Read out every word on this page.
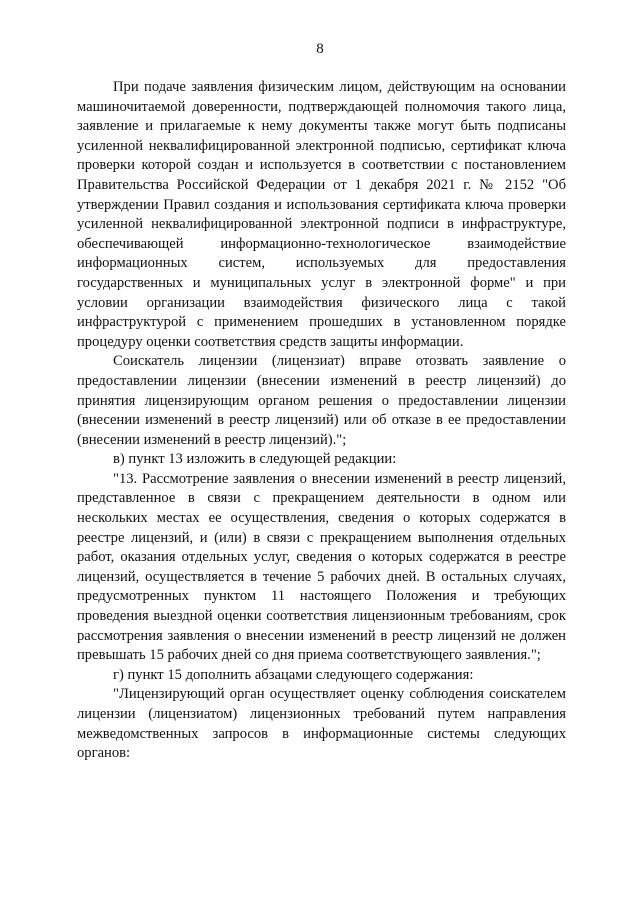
8

При подаче заявления физическим лицом, действующим на основании машиночитаемой доверенности, подтверждающей полномочия такого лица, заявление и прилагаемые к нему документы также могут быть подписаны усиленной неквалифицированной электронной подписью, сертификат ключа проверки которой создан и используется в соответствии с постановлением Правительства Российской Федерации от 1 декабря 2021 г. № 2152 "Об утверждении Правил создания и использования сертификата ключа проверки усиленной неквалифицированной электронной подписи в инфраструктуре, обеспечивающей информационно-технологическое взаимодействие информационных систем, используемых для предоставления государственных и муниципальных услуг в электронной форме" и при условии организации взаимодействия физического лица с такой инфраструктурой с применением прошедших в установленном порядке процедуру оценки соответствия средств защиты информации.

Соискатель лицензии (лицензиат) вправе отозвать заявление о предоставлении лицензии (внесении изменений в реестр лицензий) до принятия лицензирующим органом решения о предоставлении лицензии (внесении изменений в реестр лицензий) или об отказе в ее предоставлении (внесении изменений в реестр лицензий).";

в) пункт 13 изложить в следующей редакции:

"13. Рассмотрение заявления о внесении изменений в реестр лицензий, представленное в связи с прекращением деятельности в одном или нескольких местах ее осуществления, сведения о которых содержатся в реестре лицензий, и (или) в связи с прекращением выполнения отдельных работ, оказания отдельных услуг, сведения о которых содержатся в реестре лицензий, осуществляется в течение 5 рабочих дней. В остальных случаях, предусмотренных пунктом 11 настоящего Положения и требующих проведения выездной оценки соответствия лицензионным требованиям, срок рассмотрения заявления о внесении изменений в реестр лицензий не должен превышать 15 рабочих дней со дня приема соответствующего заявления.";

г) пункт 15 дополнить абзацами следующего содержания:

"Лицензирующий орган осуществляет оценку соблюдения соискателем лицензии (лицензиатом) лицензионных требований путем направления межведомственных запросов в информационные системы следующих органов:
